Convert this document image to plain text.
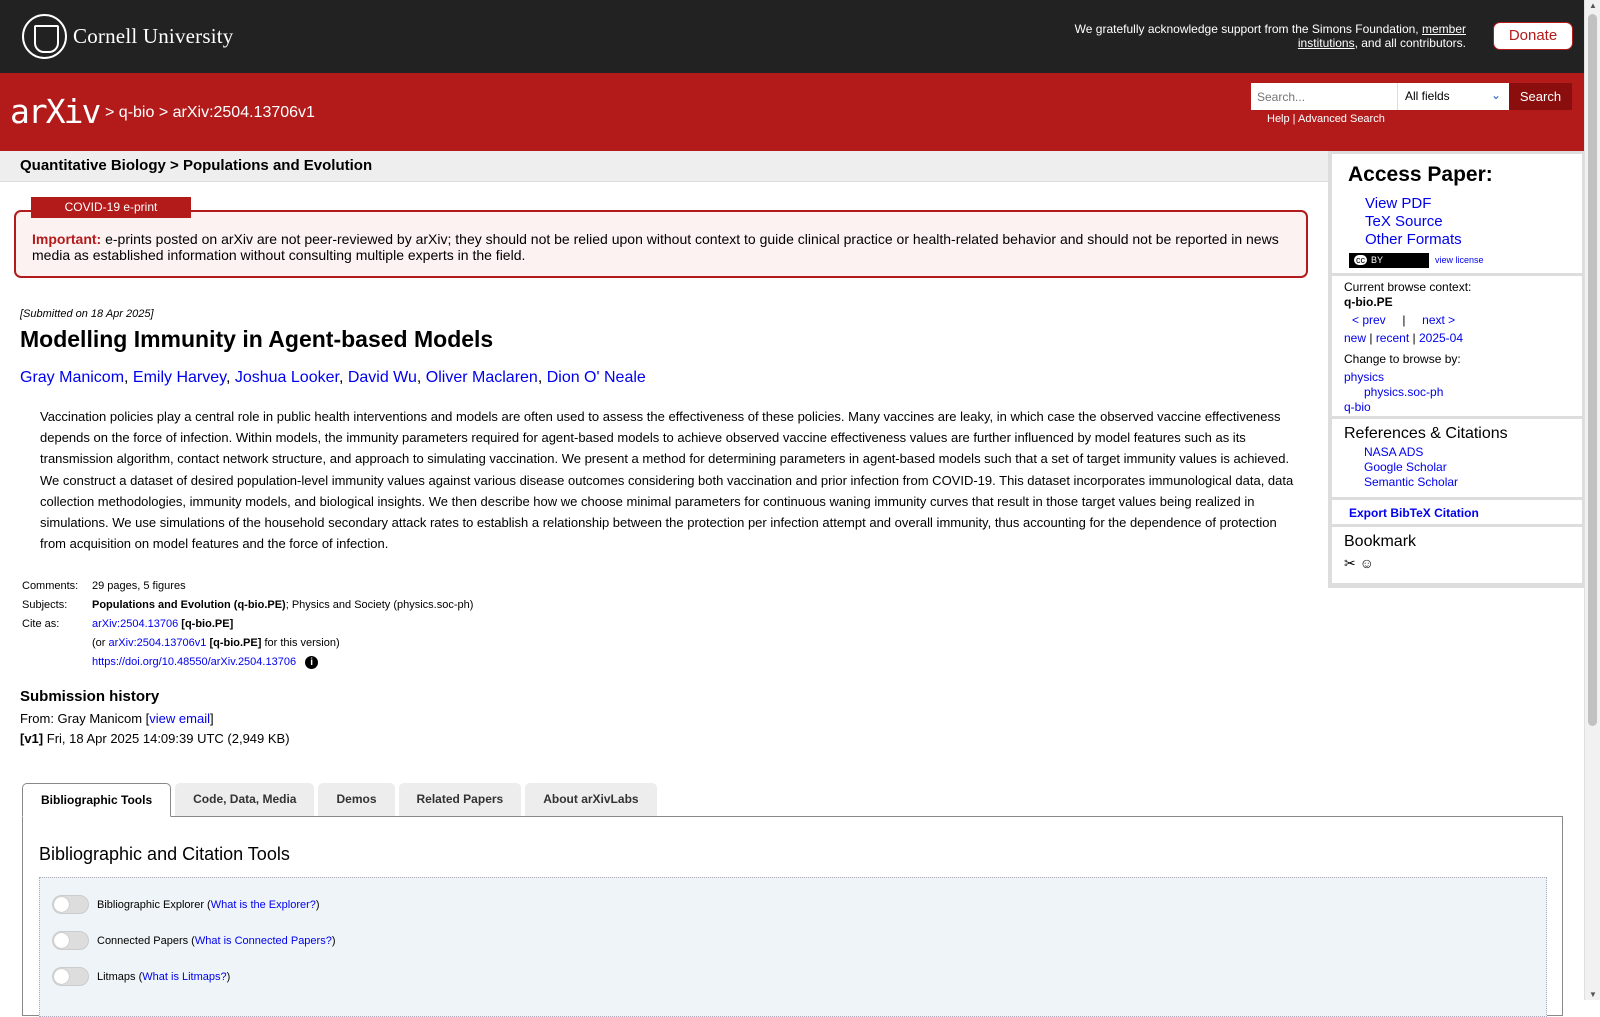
Cornell University	We gratefully acknowledge support from the Simons Foundation, member institutions, and all contributors.	Donate
arXiv > q-bio > arXiv:2504.13706v1
Search...
All fields	⌄	Search
Help | Advanced Search
Quantitative Biology > Populations and Evolution
Important: e-prints posted on arXiv are not peer-reviewed by arXiv; they should not be relied upon without context to guide clinical practice or health-related behavior and should not be reported in news media as established information without consulting multiple experts in the field.
COVID-19 e-print
[Submitted on 18 Apr 2025]
Modelling Immunity in Agent-based Models
Gray Manicom, Emily Harvey, Joshua Looker, David Wu, Oliver Maclaren, Dion O' Neale

Vaccination policies play a central role in public health interventions and models are often used to assess the effectiveness of these policies. Many vaccines are leaky, in which case the observed vaccine effectiveness depends on the force of infection. Within models, the immunity parameters required for agent-based models to achieve observed vaccine effectiveness values are further influenced by model features such as its transmission algorithm, contact network structure, and approach to simulating vaccination. We present a method for determining parameters in agent-based models such that a set of target immunity values is achieved. We construct a dataset of desired population-level immunity values against various disease outcomes considering both vaccination and prior infection from COVID-19. This dataset incorporates immunological data, data collection methodologies, immunity models, and biological insights. We then describe how we choose minimal parameters for continuous waning immunity curves that result in those target values being realized in simulations. We use simulations of the household secondary attack rates to establish a relationship between the protection per infection attempt and overall immunity, thus accounting for the dependence of protection from acquisition on model features and the force of infection.

Comments:	29 pages, 5 figures
Subjects:	Populations and Evolution (q-bio.PE); Physics and Society (physics.soc-ph)
Cite as:	arXiv:2504.13706 [q-bio.PE]
	(or arXiv:2504.13706v1 [q-bio.PE] for this version)
	https://doi.org/10.48550/arXiv.2504.13706 i
Submission history
From: Gray Manicom [view email]
[v1] Fri, 18 Apr 2025 14:09:39 UTC (2,949 KB)
Bibliographic Tools	Code, Data, Media	Demos	Related Papers	About arXivLabs
Bibliographic and Citation Tools
Bibliographic Explorer ( What is the Explorer? )
Connected Papers ( What is Connected Papers? )
Litmaps ( What is Litmaps? )
Access Paper:
View PDF
TeX Source
Other Formats
cc BY	view license
Current browse context:
q-bio.PE
< prev | next >
new | recent | 2025-04
Change to browse by:
physics
physics.soc-ph
q-bio
References & Citations
NASA ADS
Google Scholar
Semantic Scholar
Export BibTeX Citation
Bookmark
✂ ☺
▲
▼
